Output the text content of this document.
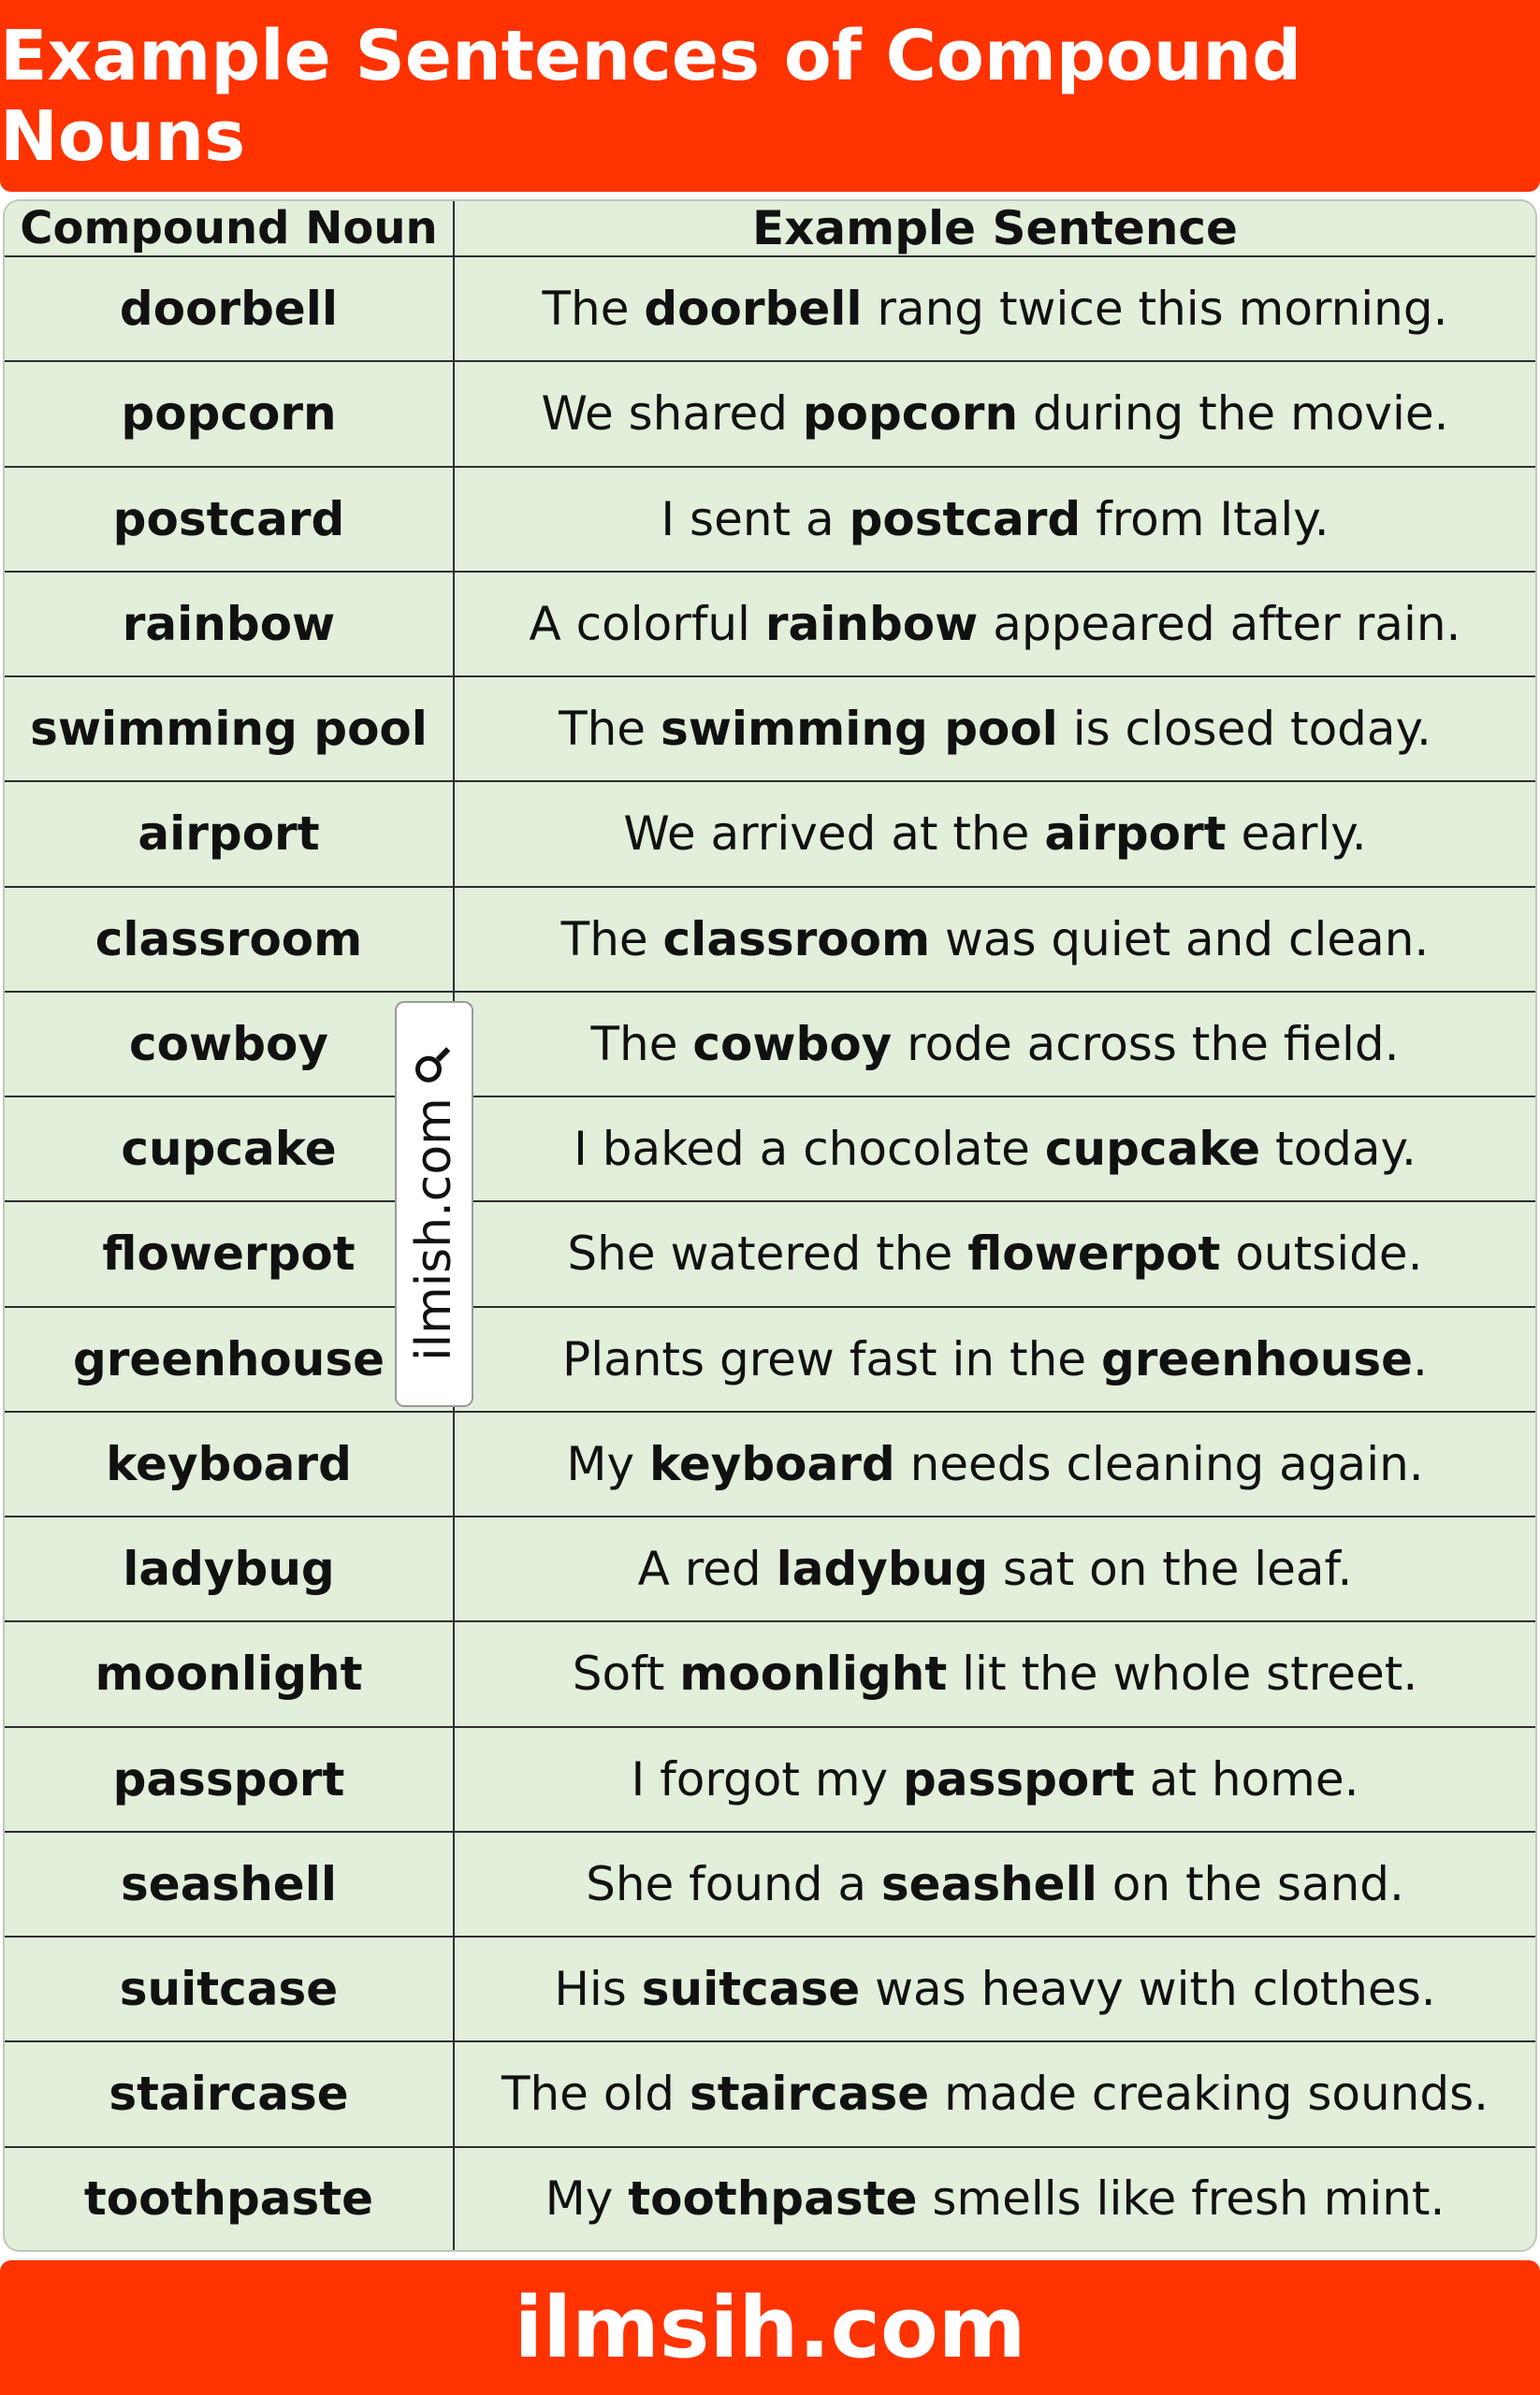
Example Sentences of Compound Nouns
Compound Noun	Example Sentence
doorbell	The doorbell rang twice this morning.
popcorn	We shared popcorn during the movie.
postcard	I sent a postcard from Italy.
rainbow	A colorful rainbow appeared after rain.
swimming pool	The swimming pool is closed today.
airport	We arrived at the airport early.
classroom	The classroom was quiet and clean.
cowboy	The cowboy rode across the field.
cupcake	I baked a chocolate cupcake today.
flowerpot	She watered the flowerpot outside.
greenhouse	Plants grew fast in the greenhouse.
keyboard	My keyboard needs cleaning again.
ladybug	A red ladybug sat on the leaf.
moonlight	Soft moonlight lit the whole street.
passport	I forgot my passport at home.
seashell	She found a seashell on the sand.
suitcase	His suitcase was heavy with clothes.
staircase	The old staircase made creaking sounds.
toothpaste	My toothpaste smells like fresh mint.
ilmish.com
ilmsih.com
